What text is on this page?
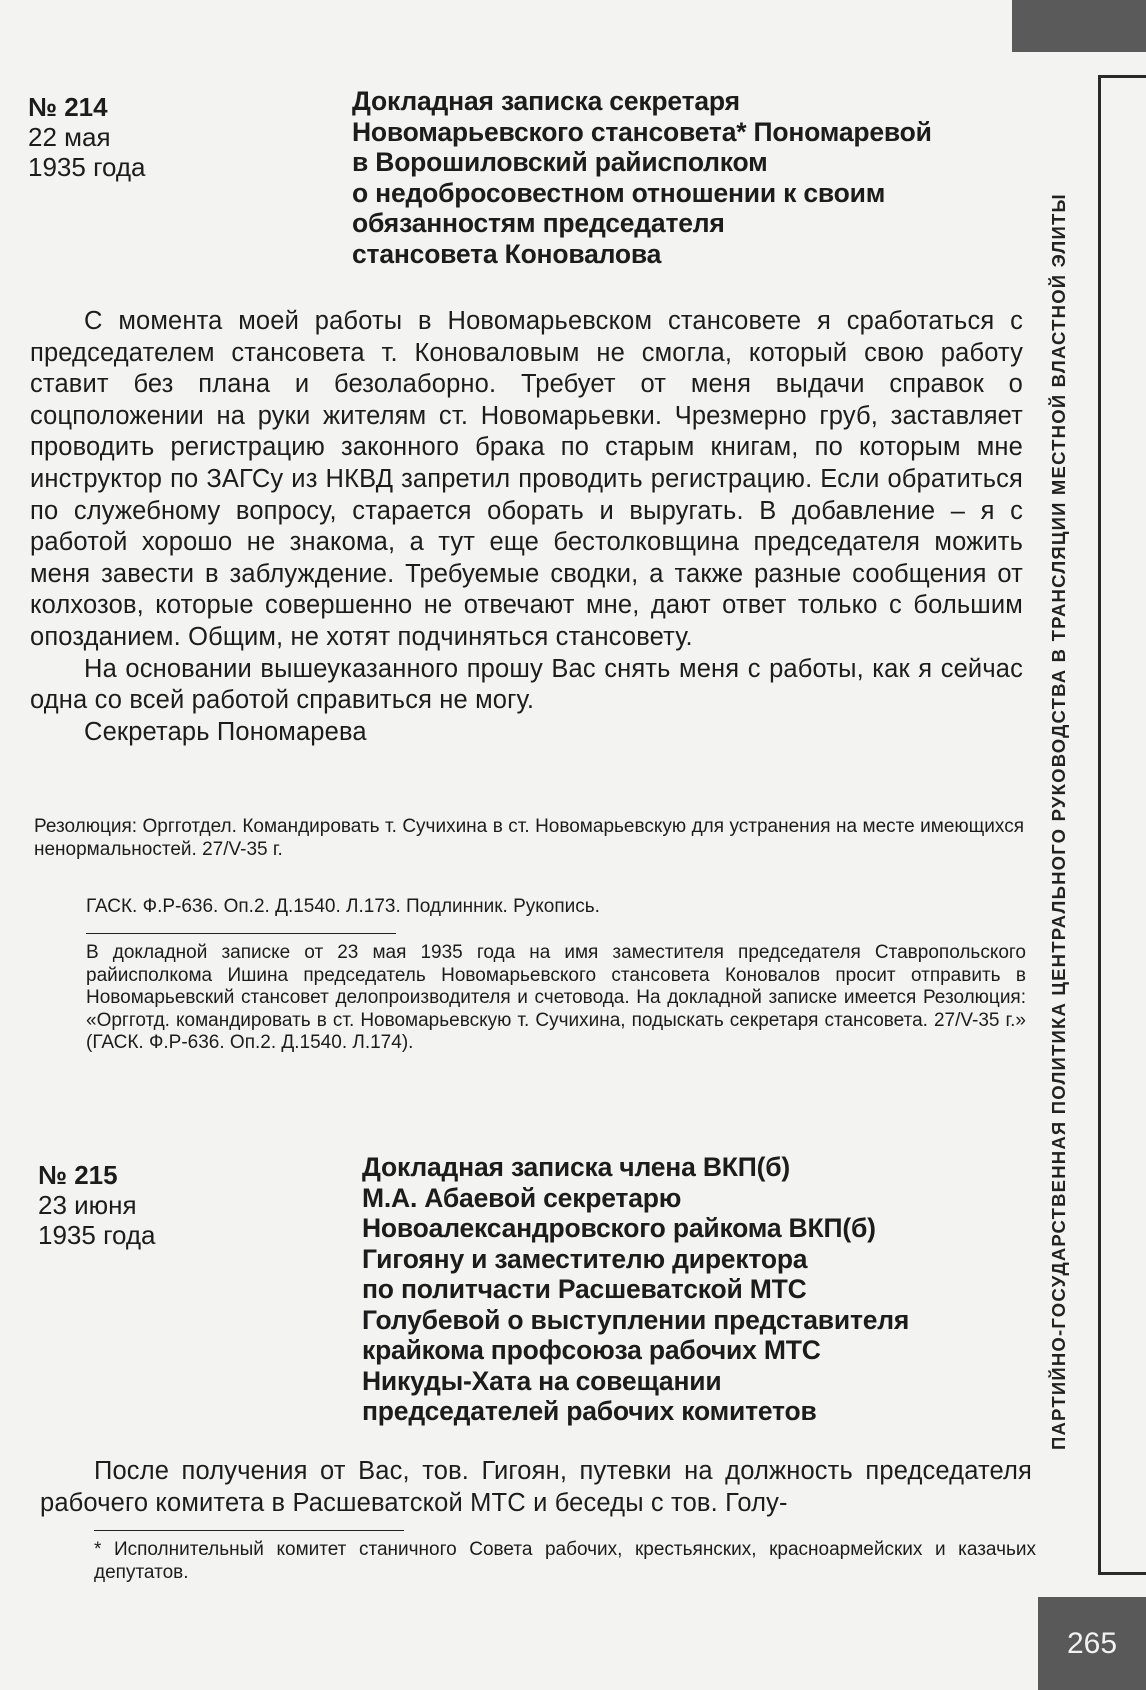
ПАРТИЙНО-ГОСУДАРСТВЕННАЯ ПОЛИТИКА ЦЕНТРАЛЬНОГО РУКОВОДСТВА В ТРАНСЛЯЦИИ МЕСТНОЙ ВЛАСТНОЙ ЭЛИТЫ
265
№ 214
22 мая
1935 года
Докладная записка секретаря
Новомарьевского стансовета* Пономаревой
в Ворошиловский райисполком
о недобросовестном отношении к своим
обязанностям председателя
стансовета Коновалова

С момента моей работы в Новомарьевском стансовете я сработаться с председателем стансовета т. Коноваловым не смогла, который свою работу ставит без плана и безолаборно. Требует от меня выдачи справок о соцположении на руки жителям ст. Новомарьевки. Чрезмерно груб, заставляет проводить регистрацию законного брака по старым книгам, по которым мне инструктор по ЗАГСу из НКВД запретил проводить регистрацию. Если обратиться по служебному вопросу, старается оборать и выругать. В добавление – я с работой хорошо не знакома, а тут еще бестолковщина председателя можить меня завести в заблуждение. Требуемые сводки, а также разные сообщения от колхозов, которые совершенно не отвечают мне, дают ответ только с большим опозданием. Общим, не хотят подчиняться стансовету.

На основании вышеуказанного прошу Вас снять меня с работы, как я сейчас одна со всей работой справиться не могу.

Секретарь Пономарева

Резолюция: Оргготдел. Командировать т. Сучихина в ст. Новомарьевскую для устранения на месте имеющихся ненормальностей. 27/V-35 г.
ГАСК. Ф.Р-636. Оп.2. Д.1540. Л.173. Подлинник. Рукопись.
В докладной записке от 23 мая 1935 года на имя заместителя председателя Ставропольского райисполкома Ишина председатель Новомарьевского стансовета Коновалов просит отправить в Новомарьевский стансовет делопроизводителя и счетовода. На докладной записке имеется Резолюция: «Оргготд. командировать в ст. Новомарьевскую т. Сучихина, подыскать секретаря стансовета. 27/V-35 г.» (ГАСК. Ф.Р-636. Оп.2. Д.1540. Л.174).
№ 215
23 июня
1935 года
Докладная записка члена ВКП(б)
М.А. Абаевой секретарю
Новоалександровского райкома ВКП(б)
Гигояну и заместителю директора
по политчасти Расшеватской МТС
Голубевой о выступлении представителя
крайкома профсоюза рабочих МТС
Никуды-Хата на совещании
председателей рабочих комитетов

После получения от Вас, тов. Гигоян, путевки на должность председателя рабочего комитета в Расшеватской МТС и беседы с тов. Голу-

* Исполнительный комитет станичного Совета рабочих, крестьянских, красноармейских и казачьих депутатов.
